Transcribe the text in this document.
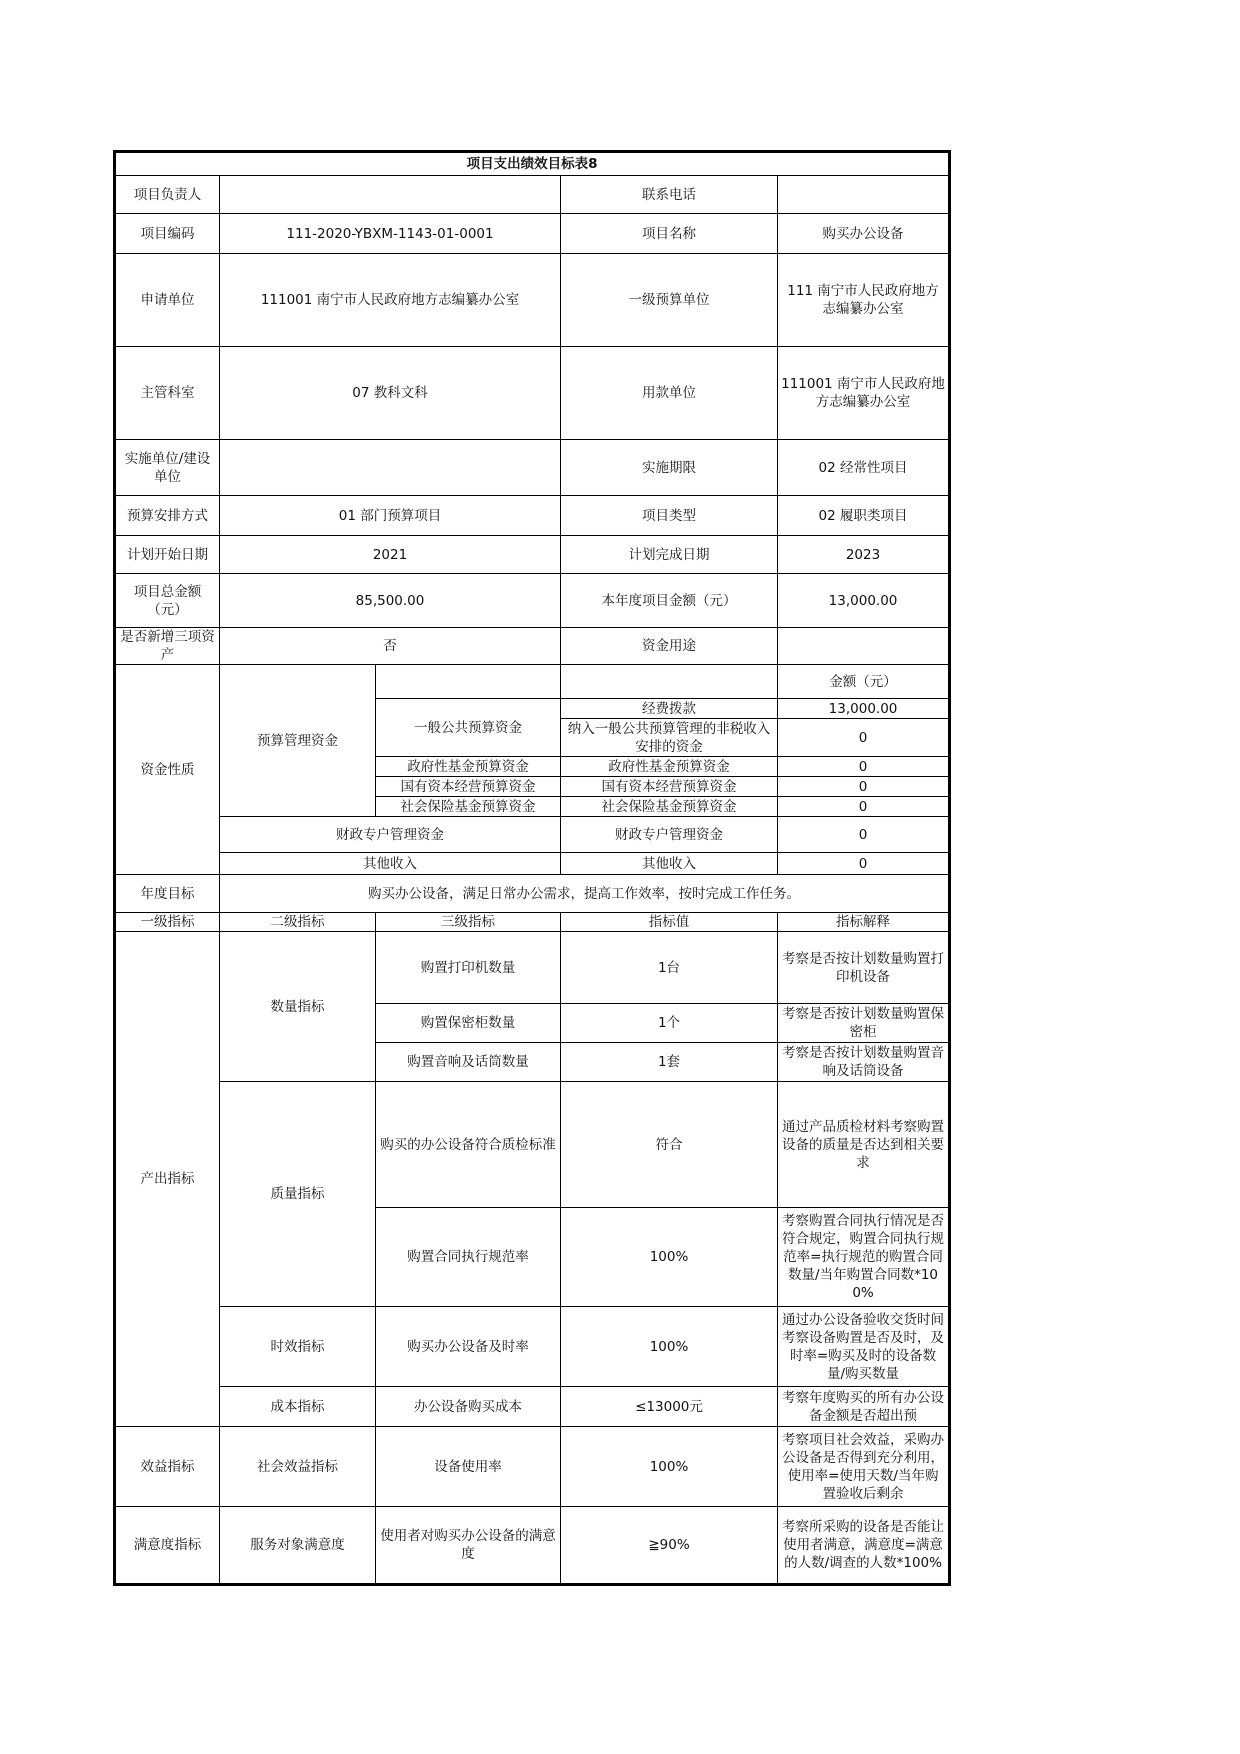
项目支出绩效目标表8				
项目负责人			联系电话	
项目编码	111-2020-YBXM-1143-01-0001		项目名称	购买办公设备
申请单位	111001 南宁市人民政府地方志编纂办公室		一级预算单位	111 南宁市人民政府地方志编纂办公室
主管科室	07 教科文科		用款单位	111001 南宁市人民政府地方志编纂办公室
实施单位/建设单位			实施期限	02 经常性项目
预算安排方式	01 部门预算项目		项目类型	02 履职类项目
计划开始日期	2021		计划完成日期	2023
项目总金额（元）	85,500.00		本年度项目金额（元）	13,000.00
是否新增三项资产	否		资金用途	
资金性质	预算管理资金			金额（元）
		一般公共预算资金	经费拨款	13,000.00
			纳入一般公共预算管理的非税收入安排的资金	0
		政府性基金预算资金	政府性基金预算资金	0
		国有资本经营预算资金	国有资本经营预算资金	0
		社会保险基金预算资金	社会保险基金预算资金	0
	财政专户管理资金		财政专户管理资金	0
	其他收入		其他收入	0

年度目标	购买办公设备，满足日常办公需求，提高工作效率，按时完成工作任务。			
一级指标	二级指标	三级指标	指标值	指标解释
产出指标	数量指标	购置打印机数量	1台	考察是否按计划数量购置打印机设备
		购置保密柜数量	1个	考察是否按计划数量购置保密柜
		购置音响及话筒数量	1套	考察是否按计划数量购置音响及话筒设备
	质量指标	购买的办公设备符合质检标准	符合	通过产品质检材料考察购置设备的质量是否达到相关要求
		购置合同执行规范率	100%	考察购置合同执行情况是否符合规定，购置合同执行规范率=执行规范的购置合同数量/当年购置合同数*100%
	时效指标	购买办公设备及时率	100%	通过办公设备验收交货时间考察设备购置是否及时，及时率=购买及时的设备数量/购买数量
	成本指标	办公设备购买成本	≤13000元	考察年度购买的所有办公设备金额是否超出预
效益指标	社会效益指标	设备使用率	100%	考察项目社会效益，采购办公设备是否得到充分利用，使用率=使用天数/当年购置验收后剩余
满意度指标	服务对象满意度	使用者对购买办公设备的满意度	≧90%	考察所采购的设备是否能让使用者满意，满意度=满意的人数/调查的人数*100%
